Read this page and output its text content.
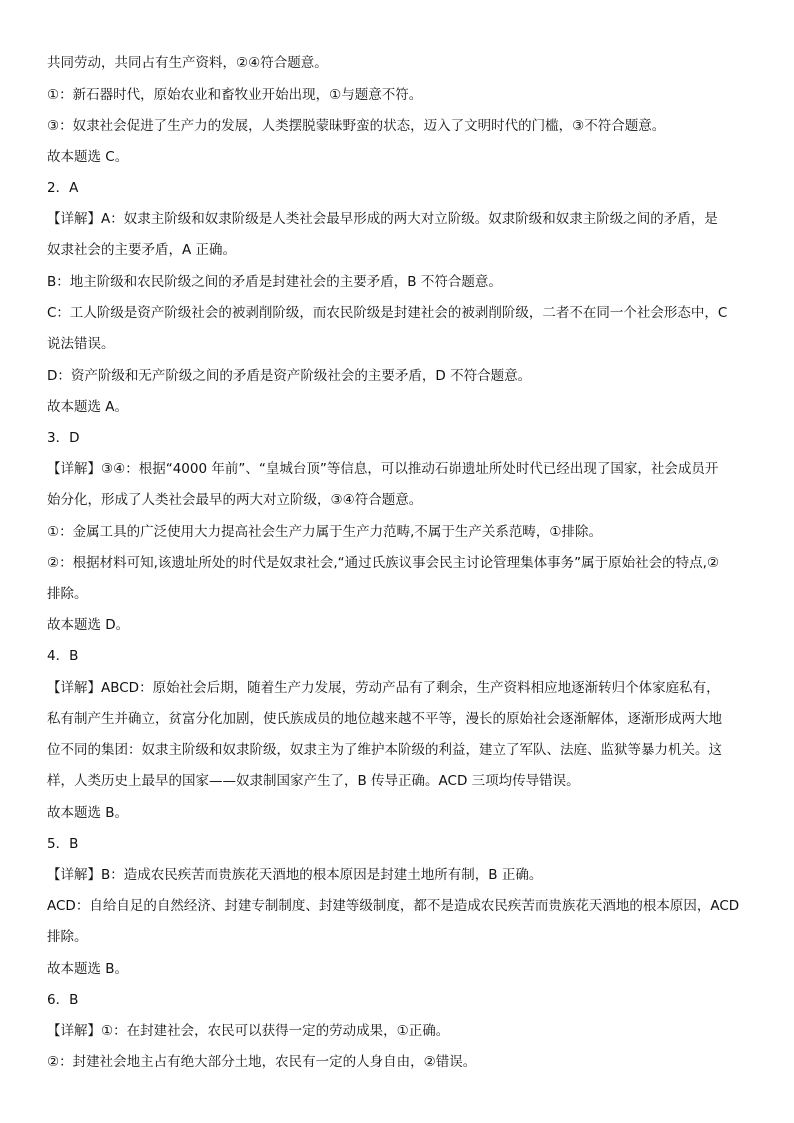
共同劳动，共同占有生产资料，②④符合题意。
①：新石器时代，原始农业和畜牧业开始出现，①与题意不符。
③：奴隶社会促进了生产力的发展，人类摆脱蒙昧野蛮的状态，迈入了文明时代的门槛，③不符合题意。
故本题选 C。
2．A
【详解】A：奴隶主阶级和奴隶阶级是人类社会最早形成的两大对立阶级。奴隶阶级和奴隶主阶级之间的矛盾，是
奴隶社会的主要矛盾，A 正确。
B：地主阶级和农民阶级之间的矛盾是封建社会的主要矛盾，B 不符合题意。
C：工人阶级是资产阶级社会的被剥削阶级，而农民阶级是封建社会的被剥削阶级，二者不在同一个社会形态中，C
说法错误。
D：资产阶级和无产阶级之间的矛盾是资产阶级社会的主要矛盾，D 不符合题意。
故本题选 A。
3．D
【详解】③④：根据“4000 年前”、“皇城台顶”等信息，可以推动石峁遗址所处时代已经出现了国家，社会成员开
始分化，形成了人类社会最早的两大对立阶级，③④符合题意。
①：金属工具的广泛使用大力提高社会生产力属于生产力范畴,不属于生产关系范畴，①排除。
②：根据材料可知,该遗址所处的时代是奴隶社会,“通过氏族议事会民主讨论管理集体事务”属于原始社会的特点,②
排除。
故本题选 D。
4．B
【详解】ABCD：原始社会后期，随着生产力发展，劳动产品有了剩余，生产资料相应地逐渐转归个体家庭私有，
私有制产生并确立，贫富分化加剧，使氏族成员的地位越来越不平等，漫长的原始社会逐渐解体，逐渐形成两大地
位不同的集团：奴隶主阶级和奴隶阶级，奴隶主为了维护本阶级的利益，建立了军队、法庭、监狱等暴力机关。这
样，人类历史上最早的国家——奴隶制国家产生了，B 传导正确。ACD 三项均传导错误。
故本题选 B。
5．B
【详解】B：造成农民疾苦而贵族花天酒地的根本原因是封建土地所有制，B 正确。
ACD：自给自足的自然经济、封建专制制度、封建等级制度，都不是造成农民疾苦而贵族花天酒地的根本原因，ACD
排除。
故本题选 B。
6．B
【详解】①：在封建社会，农民可以获得一定的劳动成果，①正确。
②：封建社会地主占有绝大部分土地，农民有一定的人身自由，②错误。
